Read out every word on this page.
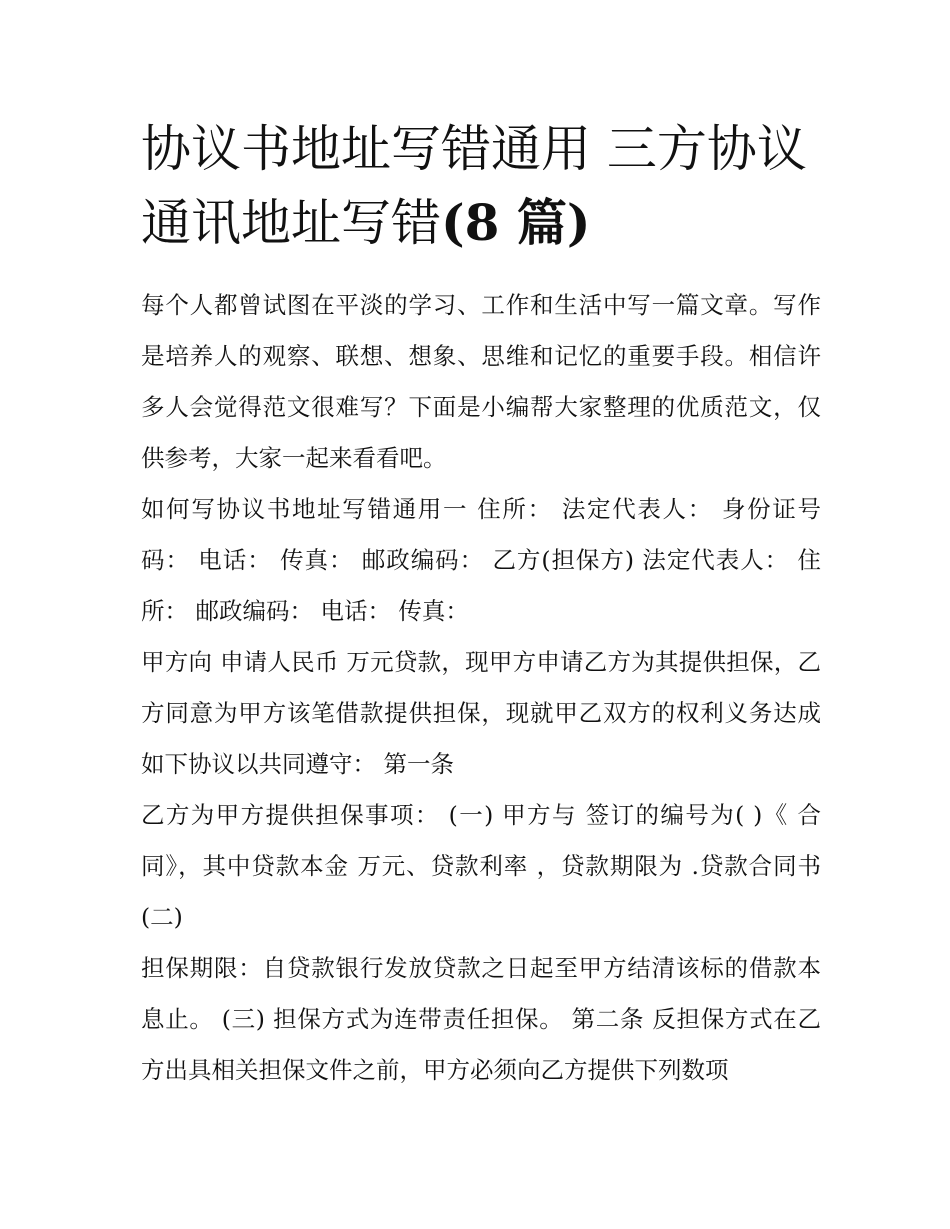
协议书地址写错通用 三方协议通讯地址写错(8 篇)

每个人都曾试图在平淡的学习、工作和生活中写一篇文章。写作是培养人的观察、联想、想象、思维和记忆的重要手段。相信许多人会觉得范文很难写？下面是小编帮大家整理的优质范文，仅供参考，大家一起来看看吧。

如何写协议书地址写错通用一 住所： 法定代表人： 身份证号码： 电话： 传真： 邮政编码： 乙方(担保方) 法定代表人： 住所： 邮政编码： 电话： 传真：

甲方向 申请人民币 万元贷款，现甲方申请乙方为其提供担保，乙方同意为甲方该笔借款提供担保，现就甲乙双方的权利义务达成如下协议以共同遵守： 第一条

乙方为甲方提供担保事项： (一) 甲方与 签订的编号为( )《 合同》，其中贷款本金 万元、贷款利率 ，贷款期限为 .贷款合同书(二)

担保期限：自贷款银行发放贷款之日起至甲方结清该标的借款本息止。 (三) 担保方式为连带责任担保。 第二条 反担保方式在乙方出具相关担保文件之前，甲方必须向乙方提供下列数项
